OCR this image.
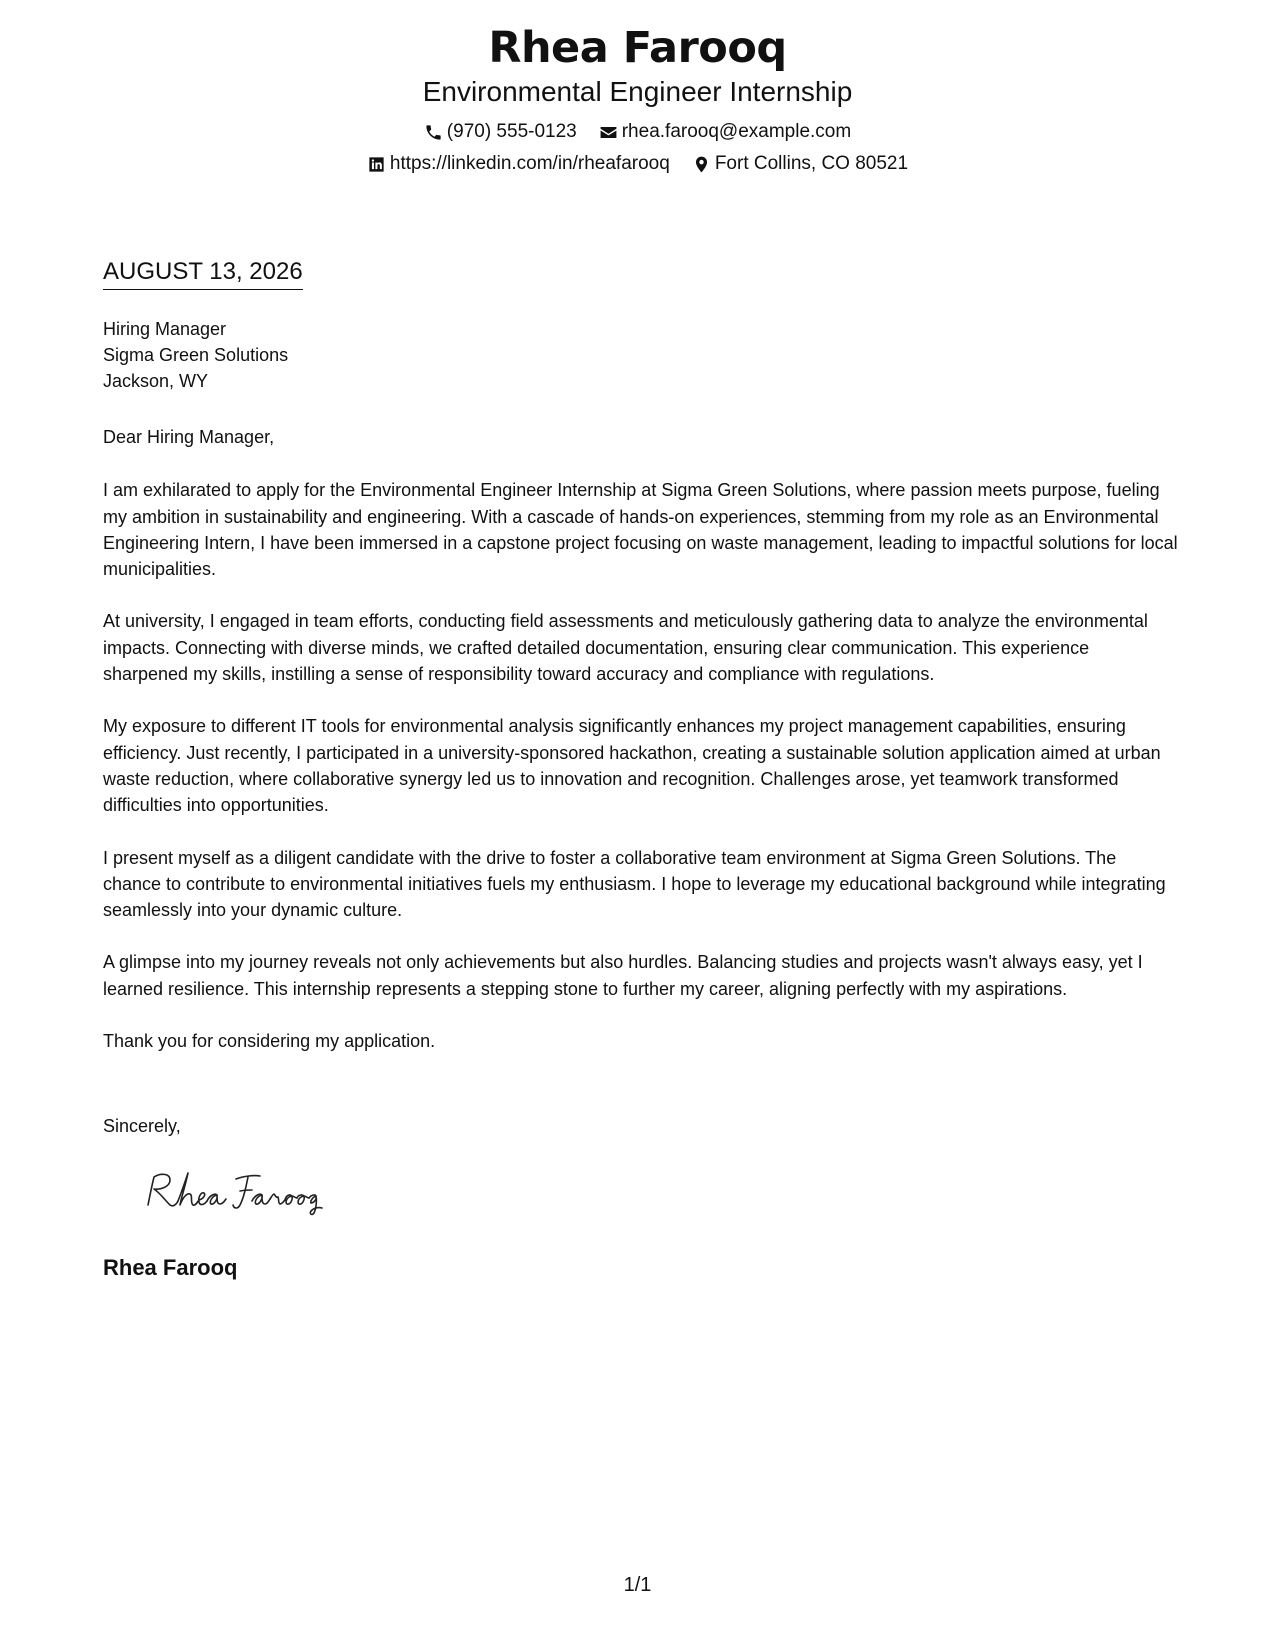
Rhea Farooq
Environmental Engineer Internship
(970) 555-0123 rhea.farooq@example.com
https://linkedin.com/in/rheafarooq Fort Collins, CO 80521
AUGUST 13, 2026
Hiring Manager
Sigma Green Solutions
Jackson, WY

Dear Hiring Manager,

I am exhilarated to apply for the Environmental Engineer Internship at Sigma Green Solutions, where passion meets purpose, fueling my ambition in sustainability and engineering. With a cascade of hands-on experiences, stemming from my role as an Environmental Engineering Intern, I have been immersed in a capstone project focusing on waste management, leading to impactful solutions for local municipalities.

At university, I engaged in team efforts, conducting field assessments and meticulously gathering data to analyze the environmental impacts. Connecting with diverse minds, we crafted detailed documentation, ensuring clear communication. This experience sharpened my skills, instilling a sense of responsibility toward accuracy and compliance with regulations.

My exposure to different IT tools for environmental analysis significantly enhances my project management capabilities, ensuring efficiency. Just recently, I participated in a university-sponsored hackathon, creating a sustainable solution application aimed at urban waste reduction, where collaborative synergy led us to innovation and recognition. Challenges arose, yet teamwork transformed difficulties into opportunities.

I present myself as a diligent candidate with the drive to foster a collaborative team environment at Sigma Green Solutions. The chance to contribute to environmental initiatives fuels my enthusiasm. I hope to leverage my educational background while integrating seamlessly into your dynamic culture.

A glimpse into my journey reveals not only achievements but also hurdles. Balancing studies and projects wasn't always easy, yet I learned resilience. This internship represents a stepping stone to further my career, aligning perfectly with my aspirations.

Thank you for considering my application.

Sincerely,
Rhea Farooq
1/1
